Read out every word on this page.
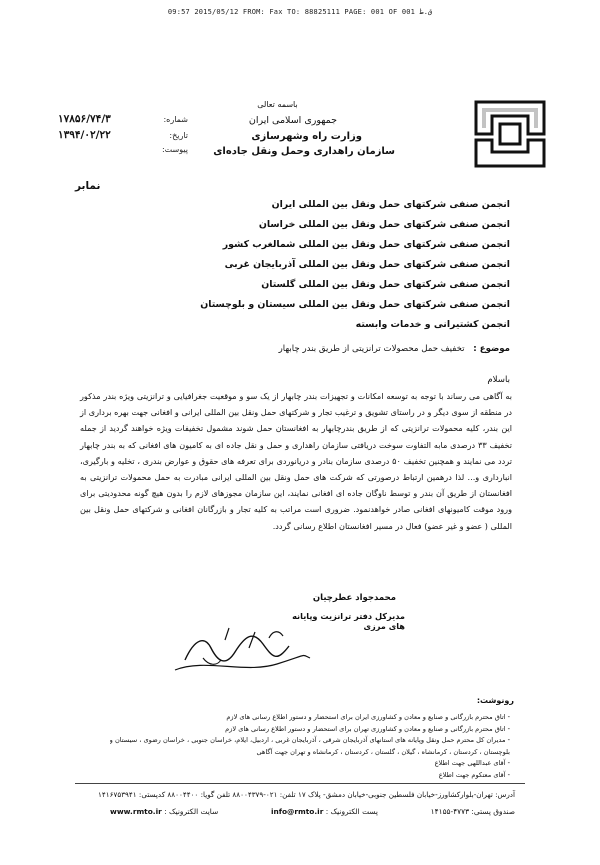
09:57 2015/05/12 FROM: Fax TO: 88825111 PAGE: 001 OF 001 ق.ظ
باسمه تعالی
جمهوری اسلامی ایران
وزارت راه وشهرسازی
سازمان راهداری وحمل ونقل جاده‌ای
شماره:
۱۷۸۵۶/۷۴/۳
تاریخ:
۱۳۹۴/۰۲/۲۲
پیوست:
نمابر
انجمن صنفی شرکتهای حمل ونقل بین المللی ایران
انجمن صنفی شرکتهای حمل ونقل بین المللی خراسان
انجمن صنفی شرکتهای حمل ونقل بین المللی شمالغرب کشور
انجمن صنفی شرکتهای حمل ونقل بین المللی آذربایجان غربی
انجمن صنفی شرکتهای حمل ونقل بین المللی گلستان
انجمن صنفی شرکتهای حمل ونقل بین المللی سیستان و بلوچستان
انجمن کشتیرانی و خدمات وابسته
موضوع : تخفیف حمل محصولات ترانزیتی از طریق بندر چابهار
باسلام
به آگاهی می رساند با توجه به توسعه امکانات و تجهیزات بندر چابهار از یک سو و موقعیت جغرافیایی و ترانزیتی ویژه بندر مذکور در منطقه از سوی دیگر و در راستای تشویق و ترغیب تجار و شرکتهای حمل ونقل بین المللی ایرانی و افغانی جهت بهره برداری از این بندر، کلیه محمولات ترانزیتی که از طریق بندرچابهار به افغانستان حمل شوند مشمول تخفیفات ویژه خواهند گردید از جمله تخفیف ۳۳ درصدی مابه التفاوت سوخت دریافتی سازمان راهداری و حمل و نقل جاده ای به کامیون های افغانی که به بندر چابهار تردد می نمایند و همچنین تخفیف ۵۰ درصدی سازمان بنادر و دریانوردی برای تعرفه های حقوق و عوارض بندری ، تخلیه و بارگیری، انبارداری و... لذا درهمین ارتباط درصورتی که شرکت های حمل ونقل بین المللی ایرانی مبادرت به حمل محمولات ترانزیتی به افغانستان از طریق آن بندر و توسط ناوگان جاده ای افغانی نمایند، این سازمان مجوزهای لازم را بدون هیچ گونه محدودیتی برای ورود موقت کامیونهای افغانی صادر خواهدنمود. ضروری است مراتب به کلیه تجار و بازرگانان افغانی و شرکتهای حمل ونقل بین المللی ( عضو و غیر عضو) فعال در مسیر افغانستان اطلاع رسانی گردد.
محمدجواد عطرچیان
مدیرکل دفتر ترانزیت وپایانه های مرزی
رونوشت:
- اتاق محترم بازرگانی و صنایع و معادن و کشاورزی ایران برای استحضار و دستور اطلاع رسانی های لازم
- اتاق محترم بازرگانی و صنایع و معادن و کشاورزی تهران برای استحضار و دستور اطلاع رسانی های لازم
- مدیران کل محترم حمل ونقل وپایانه های استانهای آذربایجان شرقی ، آذربایجان غربی ، اردبیل، ایلام، خراسان جنوبی ، خراسان رضوی ، سیستان و
بلوچستان ، کردستان ، کرمانشاه ، گیلان ، گلستان ، کردستان ، کرمانشاه و تهران جهت آگاهی
- آقای عبداللهی جهت اطلاع
- آقای معتکوم جهت اطلاع
آدرس: تهران-بلوارکشاورز-خیابان فلسطین جنوبی-خیابان دمشق- پلاک ۱۷ تلفن: ۰۲۱-۸۸۰۰۴۳۷۹ تلفن گویا: ۸۸۰۰۴۴۰۰ کدپستی: ۱۴۱۶۷۵۳۹۴۱
صندوق پستی: ۴۷۷۳-۱۴۱۵۵
پست الکترونیک : info@rmto.ir
سایت الکترونیک : www.rmto.ir
